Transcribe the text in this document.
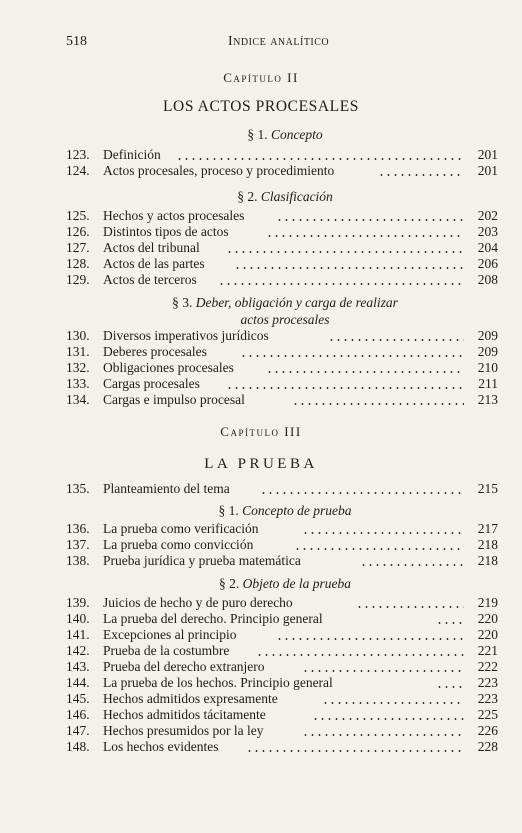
518	Indice analítico
Capítulo II
LOS ACTOS PROCESALES
§ 1. Concepto
123. Definición	201
124. Actos procesales, proceso y procedimiento	201
§ 2. Clasificación
125. Hechos y actos procesales	202
126. Distintos tipos de actos	203
127. Actos del tribunal	204
128. Actos de las partes	206
129. Actos de terceros	208
§ 3. Deber, obligación y carga de realizar
actos procesales
130. Diversos imperativos jurídicos	209
131. Deberes procesales	209
132. Obligaciones procesales	210
133. Cargas procesales	211
134. Cargas e impulso procesal	213
Capítulo III
LA PRUEBA
135. Planteamiento del tema	215
§ 1. Concepto de prueba
136. La prueba como verificación	217
137. La prueba como convicción	218
138. Prueba jurídica y prueba matemática	218
§ 2. Objeto de la prueba
139. Juicios de hecho y de puro derecho	219
140. La prueba del derecho. Principio general	220
141. Excepciones al principio	220
142. Prueba de la costumbre	221
143. Prueba del derecho extranjero	222
144. La prueba de los hechos. Principio general	223
145. Hechos admitidos expresamente	223
146. Hechos admitidos tácitamente	225
147. Hechos presumidos por la ley	226
148. Los hechos evidentes	228
